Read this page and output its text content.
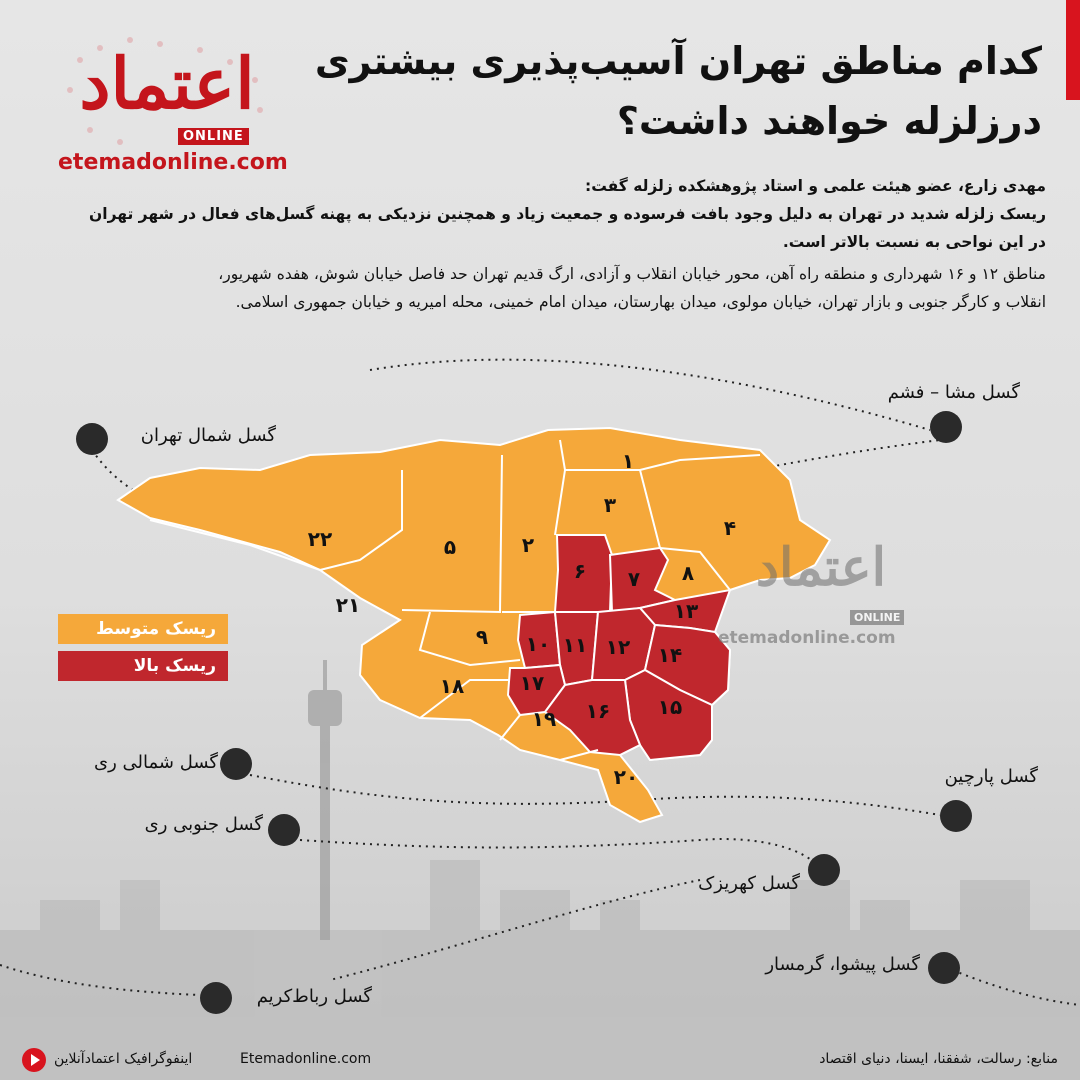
اعتماد
ONLINE
etemadonline.com
کدام مناطق تهران آسیب‌پذیری بیشتری
درزلزله خواهند داشت؟
مهدی زارع، عضو هیئت علمی و استاد پژوهشکده زلزله گفت:
ریسک زلزله شدید در تهران به دلیل وجود بافت فرسوده و جمعیت زیاد و همچنین نزدیکی به پهنه گسل‌های فعال در شهر تهران
در این نواحی به نسبت بالاتر است.
مناطق ۱۲ و ۱۶ شهرداری و منطقه راه آهن، محور خیابان انقلاب و آزادی، ارگ قدیم تهران حد فاصل خیابان شوش، هفده شهریور،
انقلاب و کارگر جنوبی و بازار تهران، خیابان مولوی، میدان بهارستان، میدان امام خمینی، محله امیریه و خیابان جمهوری اسلامی.
۱
۲
۳
۴
۵
۶ ۷ ۸
۹ ۱۰ ۱۱ ۱۲
۱۳
۱۴
۱۵
۱۶
۱۷
۱۸
۱۹
۲۰
۲۱
۲۲	اعتماد
ONLINE
etemadonline.com
ریسک متوسط
ریسک بالا
گسل شمال تهران
گسل مشا – فشم
گسل شمالی ری
گسل جنوبی ری
گسل پارچین
گسل کهریزک
گسل پیشوا، گرمسار
گسل رباط‌کریم
اینفوگرافیک اعتمادآنلاین	Etemadonline.com	منابع: رسالت، شفقنا، ایسنا، دنیای اقتصاد
